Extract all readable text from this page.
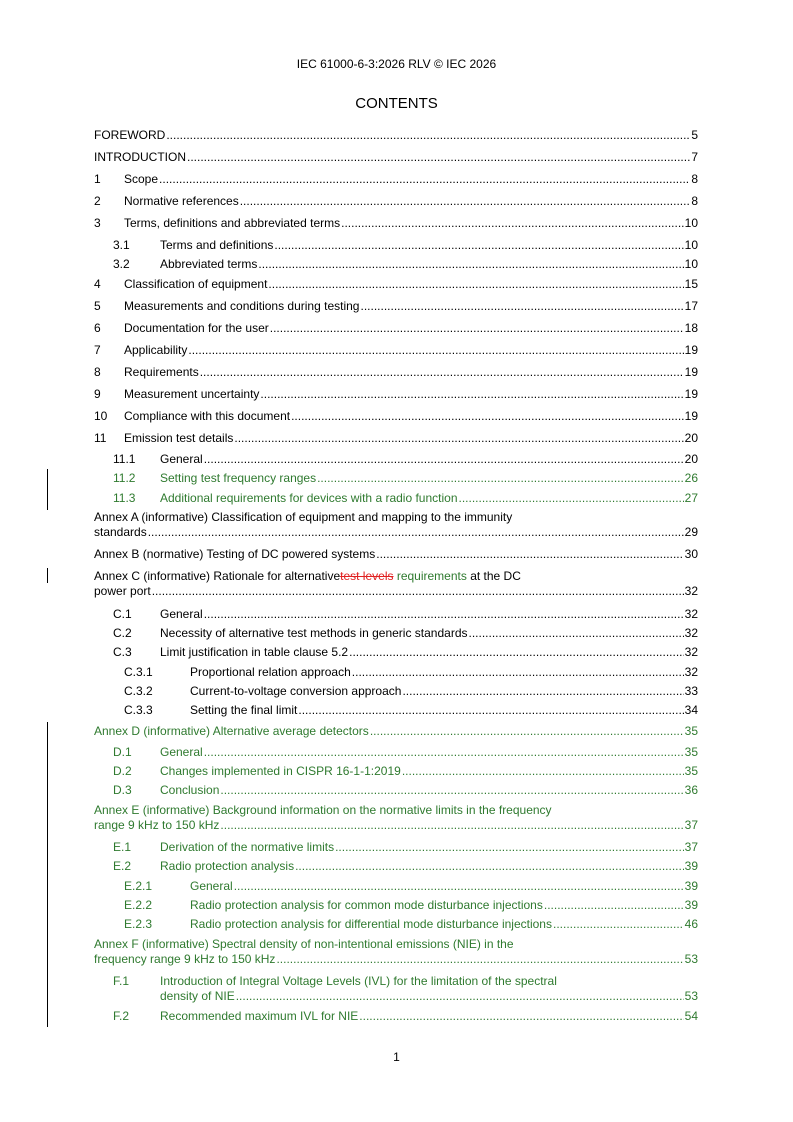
IEC 61000-6-3:2026 RLV © IEC 2026
CONTENTS
FOREWORD .....	5
INTRODUCTION .....	7
1 Scope .....	8
2 Normative references .....	8
3 Terms, definitions and abbreviated terms .....	10
3.1	Terms and definitions .....	10
3.2	Abbreviated terms .....	10
4 Classification of equipment .....	15
5 Measurements and conditions during testing .....	17
6 Documentation for the user .....	18
7 Applicability .....	19
8 Requirements .....	19
9 Measurement uncertainty .....	19
10 Compliance with this document .....	19
11 Emission test details .....	20
11.1 General .....	20
11.2 Setting test frequency ranges .....	26
11.3 Additional requirements for devices with a radio function .....	27
Annex A (informative) Classification of equipment and mapping to the immunity
standards .....	29
Annex B (normative) Testing of DC powered systems .....	30
Annex C (informative) Rationale for alternativetest levels requirements at the DC
power port .....	32
C.1 General .....	32
C.2 Necessity of alternative test methods in generic standards .....	32
C.3 Limit justification in table clause 5.2 .....	32
C.3.1	Proportional relation approach .....	32
C.3.2	Current-to-voltage conversion approach .....	33
C.3.3	Setting the final limit .....	34
Annex D (informative) Alternative average detectors .....	35
D.1 General .....	35
D.2 Changes implemented in CISPR 16-1-1:2019 .....	35
D.3 Conclusion .....	36
Annex E (informative) Background information on the normative limits in the frequency
range 9 kHz to 150 kHz .....	37
E.1 Derivation of the normative limits .....	37
E.2 Radio protection analysis .....	39
E.2.1	General .....	39
E.2.2	Radio protection analysis for common mode disturbance injections .....	39
E.2.3	Radio protection analysis for differential mode disturbance injections .....	46
Annex F (informative) Spectral density of non-intentional emissions (NIE) in the
frequency range 9 kHz to 150 kHz .....	53
F.1	Introduction of Integral Voltage Levels (IVL) for the limitation of the spectral
density of NIE .....	53
F.2	Recommended maximum IVL for NIE .....	54
1
